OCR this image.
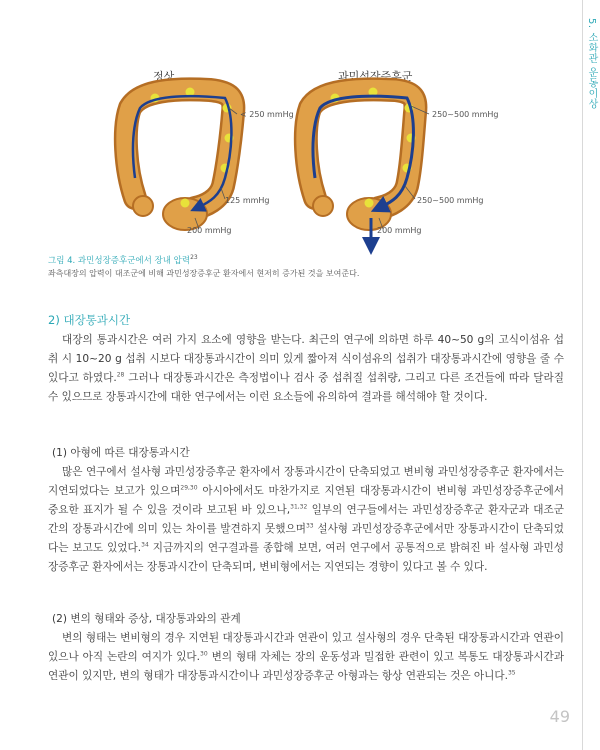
5. 소화관 운동이상
정상	과민성장증후군
< 250 mmHg
125 mmHg
200 mmHg
250~500 mmHg
250~500 mmHg
200 mmHg
그림 4. 과민성장증후군에서 장내 압력$^{23}$
좌측대장의 압력이 대조군에 비해 과민성장증후군 환자에서 현저히 증가된 것을 보여준다.
2) 대장통과시간

대장의 통과시간은 여러 가지 요소에 영향을 받는다. 최근의 연구에 의하면 하루 40~50 g의 고식이섬유 섭취 시 10~20 g 섭취 시보다 대장통과시간이 의미 있게 짧아져 식이섬유의 섭취가 대장통과시간에 영향을 줄 수 있다고 하였다.$^{28}$ 그러나 대장통과시간은 측정법이나 검사 중 섭취질 섭취량, 그리고 다른 조건들에 따라 달라질 수 있으므로 장통과시간에 대한 연구에서는 이런 요소들에 유의하여 결과를 해석해야 할 것이다.

(1) 아형에 따른 대장통과시간

많은 연구에서 설사형 과민성장증후군 환자에서 장통과시간이 단축되었고 변비형 과민성장증후군 환자에서는 지연되었다는 보고가 있으며$^{29,30}$ 아시아에서도 마찬가지로 지연된 대장통과시간이 변비형 과민성장증후군에서 중요한 표지가 될 수 있을 것이라 보고된 바 있으나,$^{31,32}$ 일부의 연구들에서는 과민성장증후군 환자군과 대조군 간의 장통과시간에 의미 있는 차이를 발견하지 못했으며$^{33}$ 설사형 과민성장증후군에서만 장통과시간이 단축되었다는 보고도 있었다.$^{34}$ 지금까지의 연구결과를 종합해 보면, 여러 연구에서 공통적으로 밝혀진 바 설사형 과민성장증후군 환자에서는 장통과시간이 단축되며, 변비형에서는 지연되는 경향이 있다고 볼 수 있다.

(2) 변의 형태와 증상, 대장통과와의 관계

변의 형태는 변비형의 경우 지연된 대장통과시간과 연관이 있고 설사형의 경우 단축된 대장통과시간과 연관이 있으나 아직 논란의 여지가 있다.$^{30}$ 변의 형태 자체는 장의 운동성과 밀접한 관련이 있고 복통도 대장통과시간과 연관이 있지만, 변의 형태가 대장통과시간이나 과민성장증후군 아형과는 항상 연관되는 것은 아니다.$^{35}$

49
